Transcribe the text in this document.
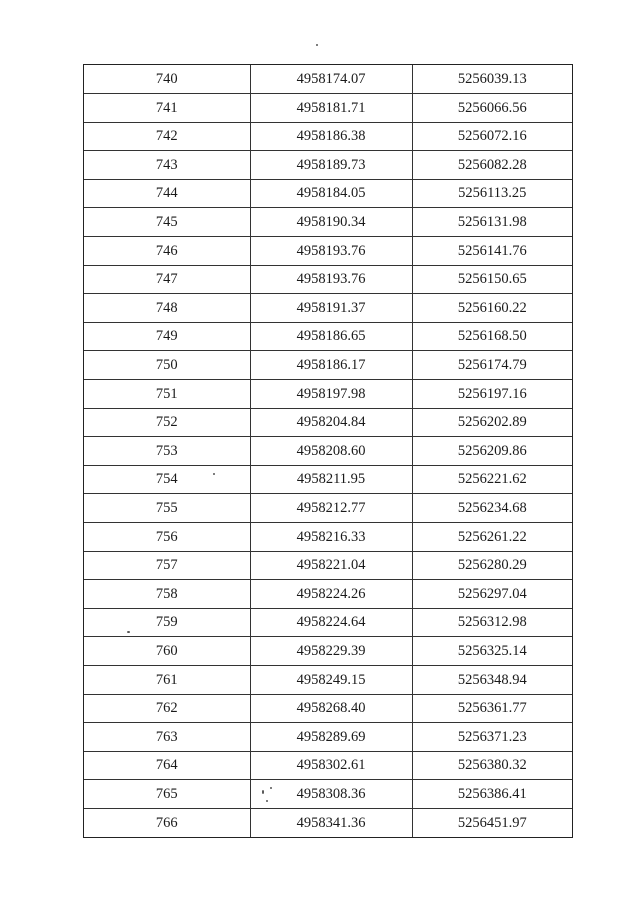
740	4958174.07	5256039.13
741	4958181.71	5256066.56
742	4958186.38	5256072.16
743	4958189.73	5256082.28
744	4958184.05	5256113.25
745	4958190.34	5256131.98
746	4958193.76	5256141.76
747	4958193.76	5256150.65
748	4958191.37	5256160.22
749	4958186.65	5256168.50
750	4958186.17	5256174.79
751	4958197.98	5256197.16
752	4958204.84	5256202.89
753	4958208.60	5256209.86
754	4958211.95	5256221.62
755	4958212.77	5256234.68
756	4958216.33	5256261.22
757	4958221.04	5256280.29
758	4958224.26	5256297.04
759	4958224.64	5256312.98
760	4958229.39	5256325.14
761	4958249.15	5256348.94
762	4958268.40	5256361.77
763	4958289.69	5256371.23
764	4958302.61	5256380.32
765	4958308.36	5256386.41
766	4958341.36	5256451.97
